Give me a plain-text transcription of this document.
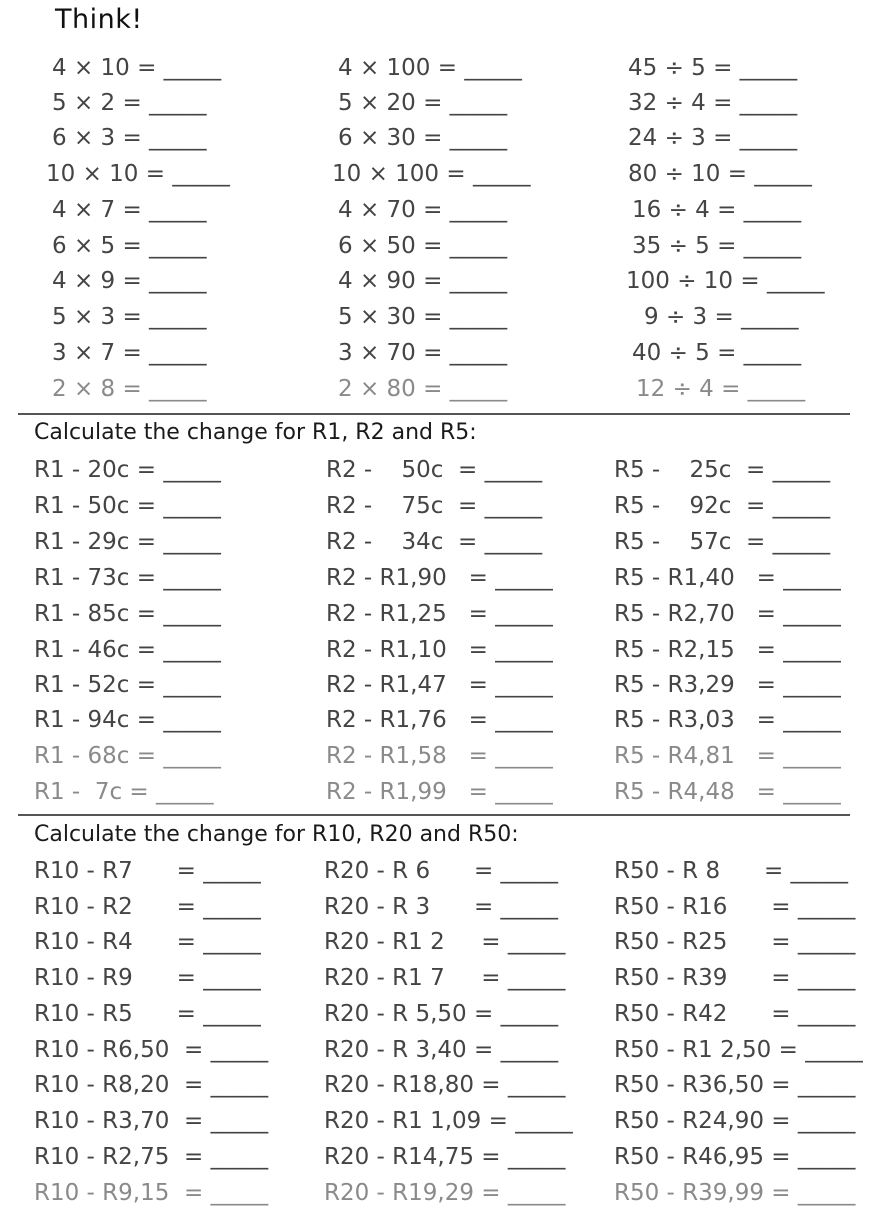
Think!
4 × 10 = _____
5 × 2 = _____
6 × 3 = _____
10 × 10 = _____
4 × 7 = _____
6 × 5 = _____
4 × 9 = _____
5 × 3 = _____
3 × 7 = _____
2 × 8 = _____
4 × 100 = _____
5 × 20 = _____
6 × 30 = _____
10 × 100 = _____
4 × 70 = _____
6 × 50 = _____
4 × 90 = _____
5 × 30 = _____
3 × 70 = _____
2 × 80 = _____
45 ÷ 5 = _____
32 ÷ 4 = _____
24 ÷ 3 = _____
80 ÷ 10 = _____
16 ÷ 4 = _____
35 ÷ 5 = _____
100 ÷ 10 = _____
9 ÷ 3 = _____
40 ÷ 5 = _____
12 ÷ 4 = _____
Calculate the change for R1, R2 and R5:
R1 - 20c = _____
R1 - 50c = _____
R1 - 29c = _____
R1 - 73c = _____
R1 - 85c = _____
R1 - 46c = _____
R1 - 52c = _____
R1 - 94c = _____
R1 - 68c = _____
R1 -  7c = _____
R2 -    50c  = _____
R2 -    75c  = _____
R2 -    34c  = _____
R2 - R1,90   = _____
R2 - R1,25   = _____
R2 - R1,10   = _____
R2 - R1,47   = _____
R2 - R1,76   = _____
R2 - R1,58   = _____
R2 - R1,99   = _____
R5 -    25c  = _____
R5 -    92c  = _____
R5 -    57c  = _____
R5 - R1,40   = _____
R5 - R2,70   = _____
R5 - R2,15   = _____
R5 - R3,29   = _____
R5 - R3,03   = _____
R5 - R4,81   = _____
R5 - R4,48   = _____
Calculate the change for R10, R20 and R50:
R10 - R7      = _____
R10 - R2      = _____
R10 - R4      = _____
R10 - R9      = _____
R10 - R5      = _____
R10 - R6,50  = _____
R10 - R8,20  = _____
R10 - R3,70  = _____
R10 - R2,75  = _____
R10 - R9,15  = _____
R20 - R 6      = _____
R20 - R 3      = _____
R20 - R1 2     = _____
R20 - R1 7     = _____
R20 - R 5,50 = _____
R20 - R 3,40 = _____
R20 - R18,80 = _____
R20 - R1 1,09 = _____
R20 - R14,75 = _____
R20 - R19,29 = _____
R50 - R 8      = _____
R50 - R16      = _____
R50 - R25      = _____
R50 - R39      = _____
R50 - R42      = _____
R50 - R1 2,50 = _____
R50 - R36,50 = _____
R50 - R24,90 = _____
R50 - R46,95 = _____
R50 - R39,99 = _____
